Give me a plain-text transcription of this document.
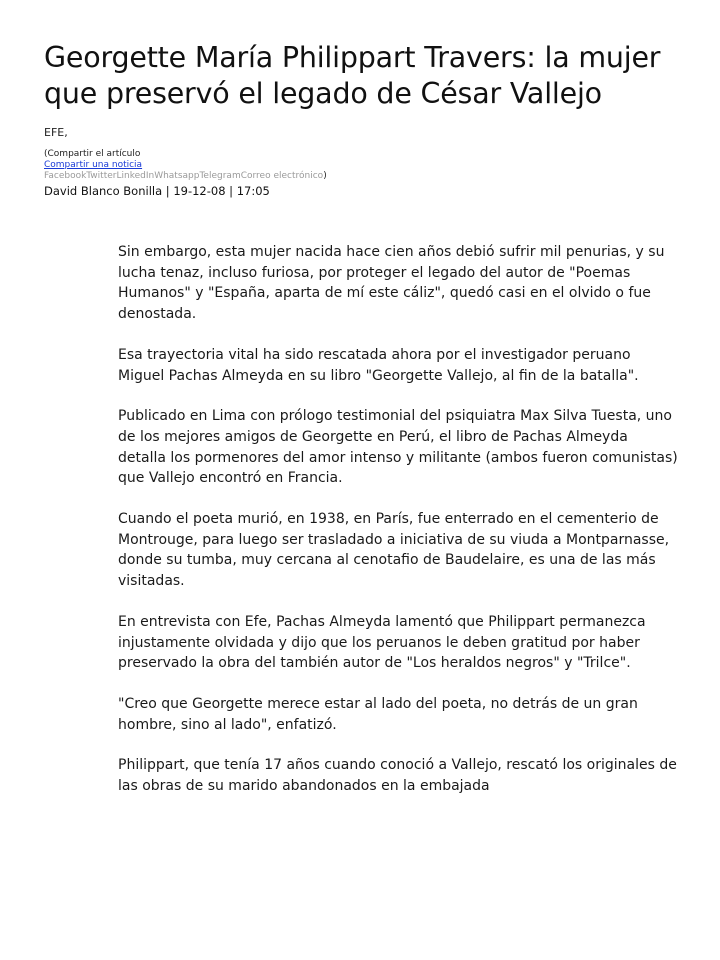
Georgette María Philippart Travers: la mujer que preservó el legado de César Vallejo
EFE,
(Compartir el artículo
Compartir una noticia
FacebookTwitterLinkedInWhatsappTelegramCorreo electrónico)
David Blanco Bonilla | 19-12-08 | 17:05

Sin embargo, esta mujer nacida hace cien años debió sufrir mil penurias, y su lucha tenaz, incluso furiosa, por proteger el legado del autor de "Poemas Humanos" y "España, aparta de mí este cáliz", quedó casi en el olvido o fue denostada.

Esa trayectoria vital ha sido rescatada ahora por el investigador peruano Miguel Pachas Almeyda en su libro "Georgette Vallejo, al fin de la batalla".

Publicado en Lima con prólogo testimonial del psiquiatra Max Silva Tuesta, uno de los mejores amigos de Georgette en Perú, el libro de Pachas Almeyda detalla los pormenores del amor intenso y militante (ambos fueron comunistas) que Vallejo encontró en Francia.

Cuando el poeta murió, en 1938, en París, fue enterrado en el cementerio de Montrouge, para luego ser trasladado a iniciativa de su viuda a Montparnasse, donde su tumba, muy cercana al cenotafio de Baudelaire, es una de las más visitadas.

En entrevista con Efe, Pachas Almeyda lamentó que Philippart permanezca injustamente olvidada y dijo que los peruanos le deben gratitud por haber preservado la obra del también autor de "Los heraldos negros" y "Trilce".

"Creo que Georgette merece estar al lado del poeta, no detrás de un gran hombre, sino al lado", enfatizó.

Philippart, que tenía 17 años cuando conoció a Vallejo, rescató los originales de las obras de su marido abandonados en la embajada
